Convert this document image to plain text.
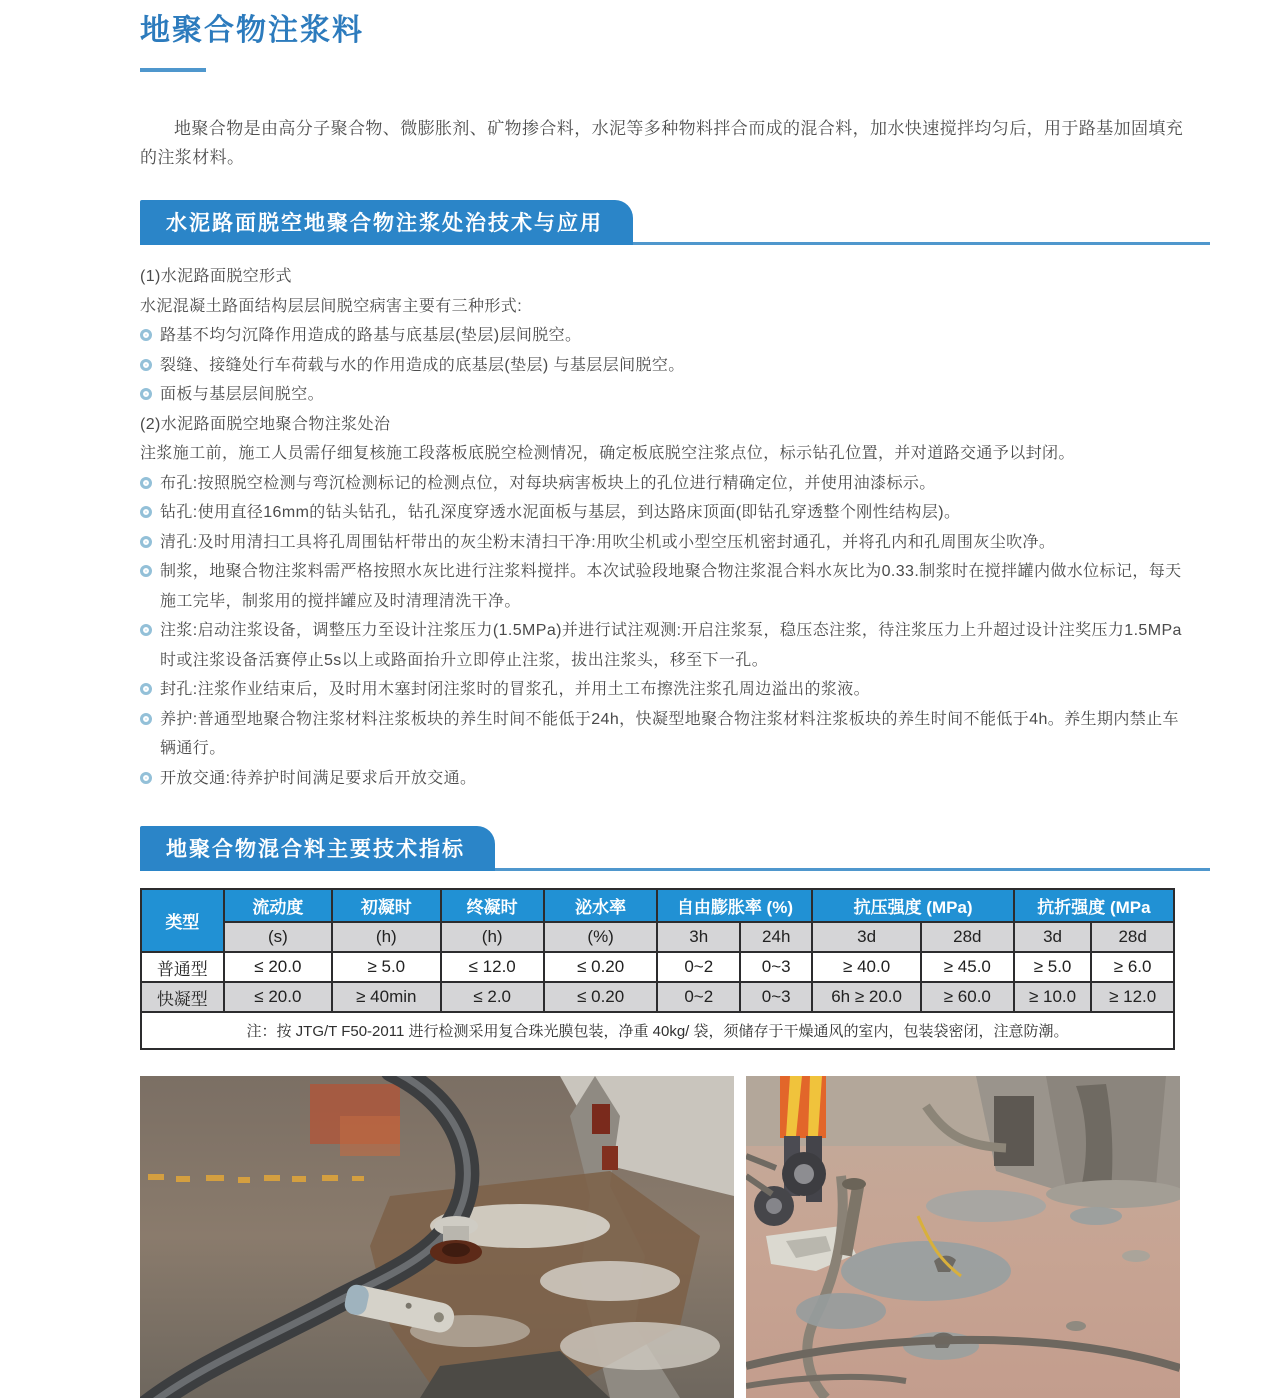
地聚合物注浆料

地聚合物是由高分子聚合物、微膨胀剂、矿物掺合料，水泥等多种物料拌合而成的混合料，加水快速搅拌均匀后，用于路基加固填充的注浆材料。

水泥路面脱空地聚合物注浆处治技术与应用

(1)水泥路面脱空形式

水泥混凝土路面结构层层间脱空病害主要有三种形式:

路基不均匀沉降作用造成的路基与底基层(垫层)层间脱空。
裂缝、接缝处行车荷载与水的作用造成的底基层(垫层) 与基层层间脱空。
面板与基层层间脱空。

(2)水泥路面脱空地聚合物注浆处治

注浆施工前，施工人员需仔细复核施工段落板底脱空检测情况，确定板底脱空注浆点位，标示钻孔位置，并对道路交通予以封闭。

布孔:按照脱空检测与弯沉检测标记的检测点位，对每块病害板块上的孔位进行精确定位，并使用油漆标示。
钻孔:使用直径16mm的钻头钻孔，钻孔深度穿透水泥面板与基层，到达路床顶面(即钻孔穿透整个刚性结构层)。
清孔:及时用清扫工具将孔周围钻杆带出的灰尘粉末清扫干净:用吹尘机或小型空压机密封通孔，并将孔内和孔周围灰尘吹净。
制浆，地聚合物注浆料需严格按照水灰比进行注浆料搅拌。本次试验段地聚合物注浆混合料水灰比为0.33.制浆时在搅拌罐内做水位标记，每天施工完毕，制浆用的搅拌罐应及时清理清洗干净。
注浆:启动注浆设备，调整压力至设计注浆压力(1.5MPa)并进行试注观测:开启注浆泵，稳压态注浆，待注浆压力上升超过设计注奖压力1.5MPa时或注浆设备活赛停止5s以上或路面抬升立即停止注浆，拔出注浆头，移至下一孔。
封孔:注浆作业结束后，及时用木塞封闭注浆时的冒浆孔，并用土工布擦洗注浆孔周边溢出的浆液。
养护:普通型地聚合物注浆材料注浆板块的养生时间不能低于24h，快凝型地聚合物注浆材料注浆板块的养生时间不能低于4h。养生期内禁止车辆通行。
开放交通:待养护时间满足要求后开放交通。
地聚合物混合料主要技术指标
类型	流动度	初凝时	终凝时	泌水率	自由膨胀率 (%)		抗压强度 (MPa)		抗折强度 (MPa	
	(s)	(h)	(h)	(%)	3h	24h	3d	28d	3d	28d
普通型	≤ 20.0	≥ 5.0	≤ 12.0	≤ 0.20	0~2	0~3	≥ 40.0	≥ 45.0	≥ 5.0	≥ 6.0
快凝型	≤ 20.0	≥ 40min	≤ 2.0	≤ 0.20	0~2	0~3	6h ≥ 20.0	≥ 60.0	≥ 10.0	≥ 12.0
注：按 JTG/T F50-2011 进行检测采用复合珠光膜包装，净重 40kg/ 袋，须储存于干燥通风的室内，包装袋密闭，注意防潮。										
